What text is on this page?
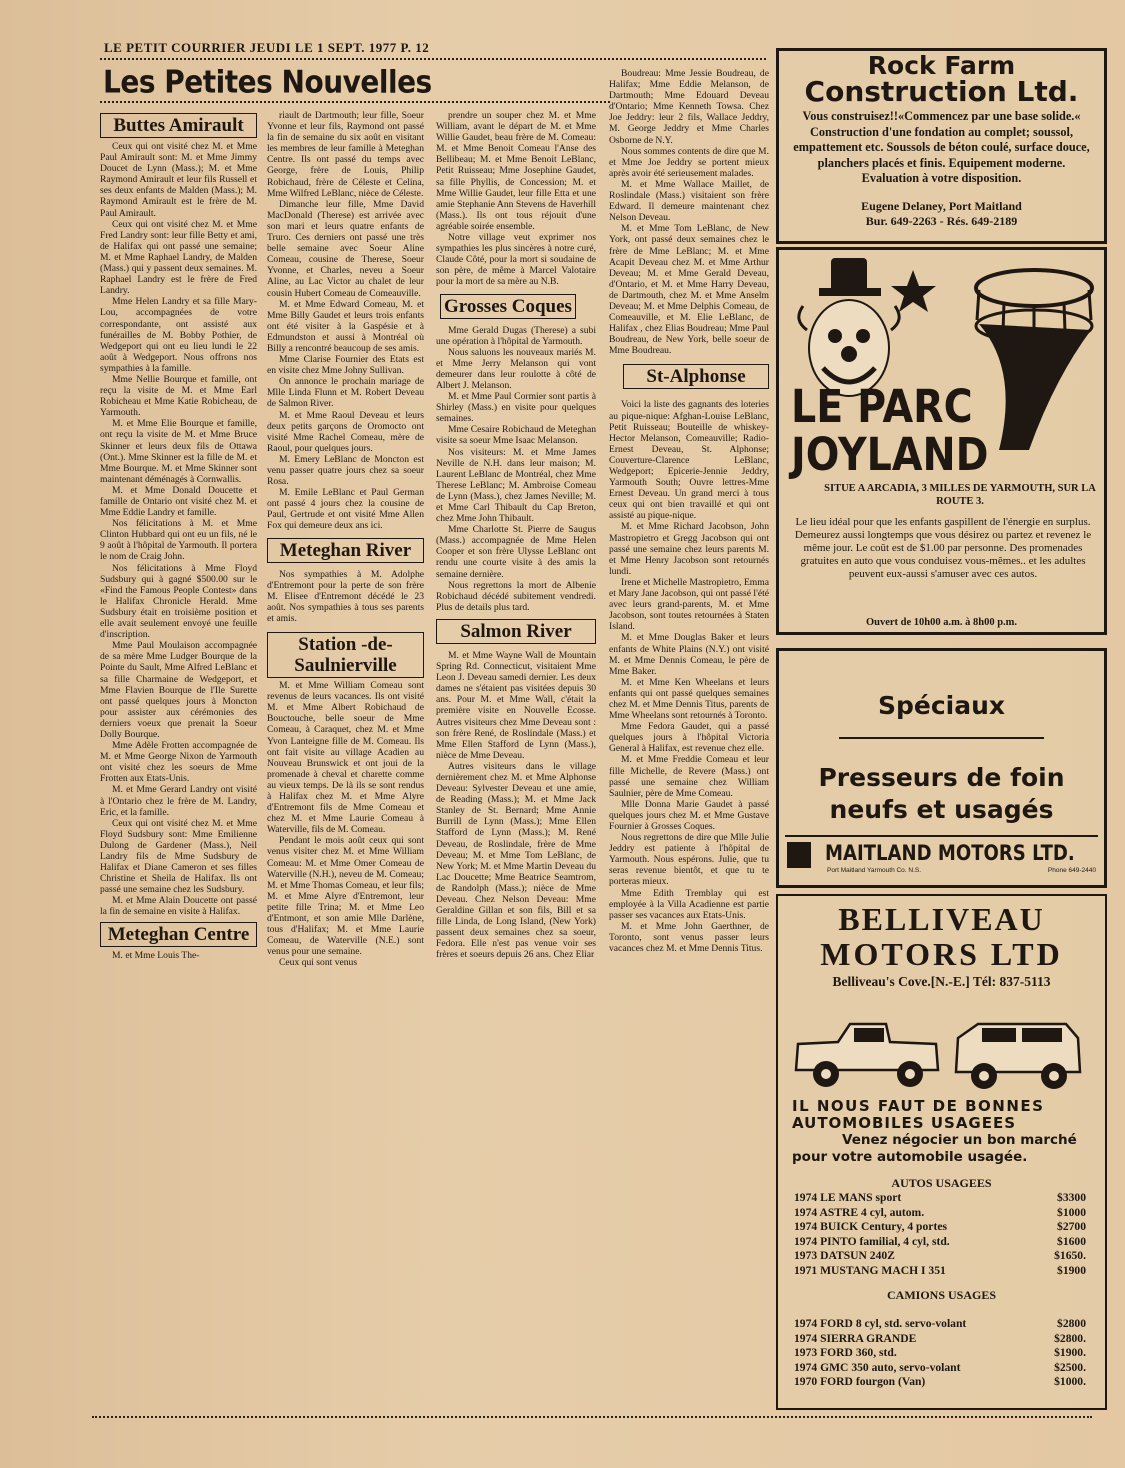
LE PETIT COURRIER JEUDI LE 1 SEPT. 1977 P. 12
Les Petites Nouvelles
Buttes Amirault

Ceux qui ont visité chez M. et Mme Paul Amirault sont: M. et Mme Jimmy Doucet de Lynn (Mass.); M. et Mme Raymond Amirault et leur fils Russell et ses deux enfants de Malden (Mass.); M. Raymond Amirault est le frère de M. Paul Amirault.

Ceux qui ont visité chez M. et Mme Fred Landry sont: leur fille Betty et ami, de Halifax qui ont passé une semaine; M. et Mme Raphael Landry, de Malden (Mass.) qui y passent deux semaines. M. Raphael Landry est le frère de Fred Landry.

Mme Helen Landry et sa fille Mary-Lou, accompagnées de votre correspondante, ont assisté aux funérailles de M. Bobby Pothier, de Wedgeport qui ont eu lieu lundi le 22 août à Wedgeport. Nous offrons nos sympathies à la famille.

Mme Nellie Bourque et famille, ont reçu la visite de M. et Mme Earl Robicheau et Mme Katie Robicheau, de Yarmouth.

M. et Mme Elie Bourque et famille, ont reçu la visite de M. et Mme Bruce Skinner et leurs deux fils de Ottawa (Ont.). Mme Skinner est la fille de M. et Mme Bourque. M. et Mme Skinner sont maintenant déménagés à Cornwallis.

M. et Mme Donald Doucette et famille de Ontario ont visité chez M. et Mme Eddie Landry et famille.

Nos félicitations à M. et Mme Clinton Hubbard qui ont eu un fils, né le 9 août à l'hôpital de Yarmouth. Il portera le nom de Craig John.

Nos félicitations à Mme Floyd Sudsbury qui à gagné $500.00 sur le «Find the Famous People Contest» dans le Halifax Chronicle Herald. Mme Sudsbury était en troisième position et elle avait seulement envoyé une feuille d'inscription.

Mme Paul Moulaison accompagnée de sa mère Mme Ludger Bourque de la Pointe du Sault, Mme Alfred LeBlanc et sa fille Charmaine de Wedgeport, et Mme Flavien Bourque de l'Ile Surette ont passé quelques jours à Moncton pour assister aux cérémonies des derniers voeux que prenait la Soeur Dolly Bourque.

Mme Adèle Frotten accompagnée de M. et Mme George Nixon de Yarmouth ont visité chez les soeurs de Mme Frotten aux Etats-Unis.

M. et Mme Gerard Landry ont visité à l'Ontario chez le frère de M. Landry, Eric, et la famille.

Ceux qui ont visité chez M. et Mme Floyd Sudsbury sont: Mme Emilienne Dulong de Gardener (Mass.), Neil Landry fils de Mme Sudsbury de Halifax et Diane Cameron et ses filles Christine et Sheila de Halifax. Ils ont passé une semaine chez les Sudsbury.

M. et Mme Alain Doucette ont passé la fin de semaine en visite à Halifax.

Meteghan Centre

M. et Mme Louis The-

riault de Dartmouth; leur fille, Soeur Yvonne et leur fils, Raymond ont passé la fin de semaine du six août en visitant les membres de leur famille à Meteghan Centre. Ils ont passé du temps avec George, frère de Louis, Philip Robichaud, frère de Céleste et Celina, Mme Wilfred LeBlanc, nièce de Céleste.

Dimanche leur fille, Mme David MacDonald (Therese) est arrivée avec son mari et leurs quatre enfants de Truro. Ces derniers ont passé une très belle semaine avec Soeur Aline Comeau, cousine de Therese, Soeur Yvonne, et Charles, neveu a Soeur Aline, au Lac Victor au chalet de leur cousin Hubert Comeau de Comeauville.

M. et Mme Edward Comeau, M. et Mme Billy Gaudet et leurs trois enfants ont été visiter à la Gaspésie et à Edmundston et aussi à Montréal où Billy a rencontré beaucoup de ses amis.

Mme Clarise Fournier des Etats est en visite chez Mme Johny Sullivan.

On annonce le prochain mariage de Mlle Linda Flunn et M. Robert Deveau de Salmon River.

M. et Mme Raoul Deveau et leurs deux petits garçons de Oromocto ont visité Mme Rachel Comeau, mère de Raoul, pour quelques jours.

M. Emery LeBlanc de Moncton est venu passer quatre jours chez sa soeur Rosa.

M. Emile LeBlanc et Paul German ont passé 4 jours chez la cousine de Paul, Gertrude et ont visité Mme Allen Fox qui demeure deux ans ici.

Meteghan River

Nos sympathies à M. Adolphe d'Entremont pour la perte de son frère M. Elisee d'Entremont décédé le 23 août. Nos sympathies à tous ses parents et amis.

Station -de- Saulnierville

M. et Mme William Comeau sont revenus de leurs vacances. Ils ont visité M. et Mme Albert Robichaud de Bouctouche, belle soeur de Mme Comeau, à Caraquet, chez M. et Mme Yvon Lanteigne fille de M. Comeau. Ils ont fait visite au village Acadien au Nouveau Brunswick et ont joui de la promenade à cheval et charette comme au vieux temps. De là ils se sont rendus à Halifax chez M. et Mme Alyre d'Entremont fils de Mme Comeau et chez M. et Mme Laurie Comeau à Waterville, fils de M. Comeau.

Pendant le mois août ceux qui sont venus visiter chez M. et Mme William Comeau: M. et Mme Omer Comeau de Waterville (N.H.), neveu de M. Comeau; M. et Mme Thomas Comeau, et leur fils; M. et Mme Alyre d'Entremont, leur petite fille Trina; M. et Mme Leo d'Entmont, et son amie Mlle Darlène, tous d'Halifax; M. et Mme Laurie Comeau, de Waterville (N.E.) sont venus pour une semaine.

Ceux qui sont venus

prendre un souper chez M. et Mme William, avant le départ de M. et Mme Willie Gaudet, beau frère de M. Comeau: M. et Mme Benoit Comeau l'Anse des Bellibeau; M. et Mme Benoit LeBlanc, Petit Ruisseau; Mme Josephine Gaudet, sa fille Phyllis, de Concession; M. et Mme Willie Gaudet, leur fille Etta et une amie Stephanie Ann Stevens de Haverhill (Mass.). Ils ont tous réjouit d'une agréable soirée ensemble.

Notre village veut exprimer nos sympathies les plus sincères à notre curé, Claude Côté, pour la mort si soudaine de son père, de même à Marcel Valotaire pour la mort de sa mère au N.B.

Grosses Coques

Mme Gerald Dugas (Therese) a subi une opération à l'hôpital de Yarmouth.

Nous saluons les nouveaux mariés M. et Mme Jerry Melanson qui vont demeurer dans leur roulotte à côté de Albert J. Melanson.

M. et Mme Paul Cormier sont partis à Shirley (Mass.) en visite pour quelques semaines.

Mme Cesaire Robichaud de Meteghan visite sa soeur Mme Isaac Melanson.

Nos visiteurs: M. et Mme James Neville de N.H. dans leur maison; M. Laurent LeBlanc de Montréal, chez Mme Therese LeBlanc; M. Ambroise Comeau de Lynn (Mass.), chez James Neville; M. et Mme Carl Thibault du Cap Breton, chez Mme John Thibault.

Mme Charlotte St. Pierre de Saugus (Mass.) accompagnée de Mme Helen Cooper et son frère Ulysse LeBlanc ont rendu une courte visite à des amis la semaine dernière.

Nous regrettons la mort de Albenie Robichaud décédé subitement vendredi. Plus de details plus tard.

Salmon River

M. et Mme Wayne Wall de Mountain Spring Rd. Connecticut, visitaient Mme Leon J. Deveau samedi dernier. Les deux dames ne s'étaient pas visitées depuis 30 ans. Pour M. et Mme Wall, c'était la première visite en Nouvelle Ecosse. Autres visiteurs chez Mme Deveau sont : son frère René, de Roslindale (Mass.) et Mme Ellen Stafford de Lynn (Mass.), nièce de Mme Deveau.

Autres visiteurs dans le village dernièrement chez M. et Mme Alphonse Deveau: Sylvester Deveau et une amie, de Reading (Mass.); M. et Mme Jack Stanley de St. Bernard; Mme Annie Burrill de Lynn (Mass.); Mme Ellen Stafford de Lynn (Mass.); M. René Deveau, de Roslindale, frère de Mme Deveau; M. et Mme Tom LeBlanc, de New York; M. et Mme Martin Deveau du Lac Doucette; Mme Beatrice Seamtrom, de Randolph (Mass.); nièce de Mme Deveau. Chez Nelson Deveau: Mme Geraldine Gillan et son fils, Bill et sa fille Linda, de Long Island, (New York) passent deux semaines chez sa soeur, Fedora. Elle n'est pas venue voir ses frères et soeurs depuis 26 ans. Chez Eliar

Boudreau: Mme Jessie Boudreau, de Halifax; Mme Eddie Melanson, de Dartmouth; Mme Edouard Deveau d'Ontario; Mme Kenneth Towsa. Chez Joe Jeddry: leur 2 fils, Wallace Jeddry, M. George Jeddry et Mme Charles Osborne de N.Y.

Nous sommes contents de dire que M. et Mme Joe Jeddry se portent mieux après avoir été serieusement malades.

M. et Mme Wallace Maillet, de Roslindale (Mass.) visitaient son frère Edward. Il demeure maintenant chez Nelson Deveau.

M. et Mme Tom LeBlanc, de New York, ont passé deux semaines chez le frère de Mme LeBlanc; M. et Mme Acapit Deveau chez M. et Mme Arthur Deveau; M. et Mme Gerald Deveau, d'Ontario, et M. et Mme Harry Deveau, de Dartmouth, chez M. et Mme Anselm Deveau; M. et Mme Delphis Comeau, de Comeauville, et M. Elie LeBlanc, de Halifax , chez Elias Boudreau; Mme Paul Boudreau, de New York, belle soeur de Mme Boudreau.

St-Alphonse

Voici la liste des gagnants des loteries au pique-nique: Afghan-Louise LeBlanc, Petit Ruisseau; Bouteille de whiskey-Hector Melanson, Comeauville; Radio-Ernest Deveau, St. Alphonse; Couverture-Clarence LeBlanc, Wedgeport; Epicerie-Jennie Jeddry, Yarmouth South; Ouvre lettres-Mme Ernest Deveau. Un grand merci à tous ceux qui ont bien travaillé et qui ont assisté au pique-nique.

M. et Mme Richard Jacobson, John Mastropietro et Gregg Jacobson qui ont passé une semaine chez leurs parents M. et Mme Henry Jacobson sont retournés lundi.

Irene et Michelle Mastropietro, Emma et Mary Jane Jacobson, qui ont passé l'été avec leurs grand-parents, M. et Mme Jacobson, sont toutes retournées à Staten Island.

M. et Mme Douglas Baker et leurs enfants de White Plains (N.Y.) ont visité M. et Mme Dennis Comeau, le père de Mme Baker.

M. et Mme Ken Wheelans et leurs enfants qui ont passé quelques semaines chez M. et Mme Dennis Titus, parents de Mme Wheelans sont retournés à Toronto.

Mme Fedora Gaudet, qui a passé quelques jours à l'hôpital Victoria General à Halifax, est revenue chez elle.

M. et Mme Freddie Comeau et leur fille Michelle, de Revere (Mass.) ont passé une semaine chez William Saulnier, père de Mme Comeau.

Mlle Donna Marie Gaudet à passé quelques jours chez M. et Mme Gustave Fournier à Grosses Coques.

Nous regrettons de dire que Mlle Julie Jeddry est patiente à l'hôpital de Yarmouth. Nous espérons. Julie, que tu seras revenue bientôt, et que tu te porteras mieux.

Mme Edith Tremblay qui est employée à la Villa Acadienne est partie passer ses vacances aux Etats-Unis.

M. et Mme John Gaerthner, de Toronto, sont venus passer leurs vacances chez M. et Mme Dennis Titus.

Rock Farm
Construction Ltd.
Vous construisez!!«Commencez par une base solide.« Construction d'une fondation au complet; soussol, empattement etc. Soussols de béton coulé, surface douce, planchers placés et finis. Equipement moderne. Evaluation à votre disposition.
Eugene Delaney, Port Maitland
Bur. 649-2263 - Rés. 649-2189
LE PARC
JOYLAND
SITUE A ARCADIA, 3 MILLES DE YARMOUTH, SUR LA ROUTE 3.
Le lieu idéal pour que les enfants gaspillent de l'énergie en surplus. Demeurez aussi longtemps que vous désirez ou partez et revenez le même jour. Le coût est de $1.00 par personne. Des promenades gratuites en auto que vous conduisez vous-mêmes.. et les adultes peuvent eux-aussi s'amuser avec ces autos.
Ouvert de 10h00 a.m. à 8h00 p.m.
Spéciaux
Presseurs de foin
neufs et usagés
MAITLAND MOTORS LTD.
Port Maitland Yarmouth Co. N.S.	Phone 649-2440
BELLIVEAU
MOTORS LTD
Belliveau's Cove.[N.-E.] Tél: 837-5113
IL NOUS FAUT DE BONNES
AUTOMOBILES USAGEES
Venez négocier un bon marché
pour votre automobile usagée.
AUTOS USAGEES
1974 LE MANS sport	$3300
1974 ASTRE 4 cyl, autom.	$1000
1974 BUICK Century, 4 portes	$2700
1974 PINTO familial, 4 cyl, std.	$1600
1973 DATSUN 240Z	$1650.
1971 MUSTANG MACH I 351	$1900
CAMIONS USAGES
1974 FORD 8 cyl, std. servo-volant	$2800
1974 SIERRA GRANDE	$2800.
1973 FORD 360, std.	$1900.
1974 GMC 350 auto, servo-volant	$2500.
1970 FORD fourgon (Van)	$1000.
